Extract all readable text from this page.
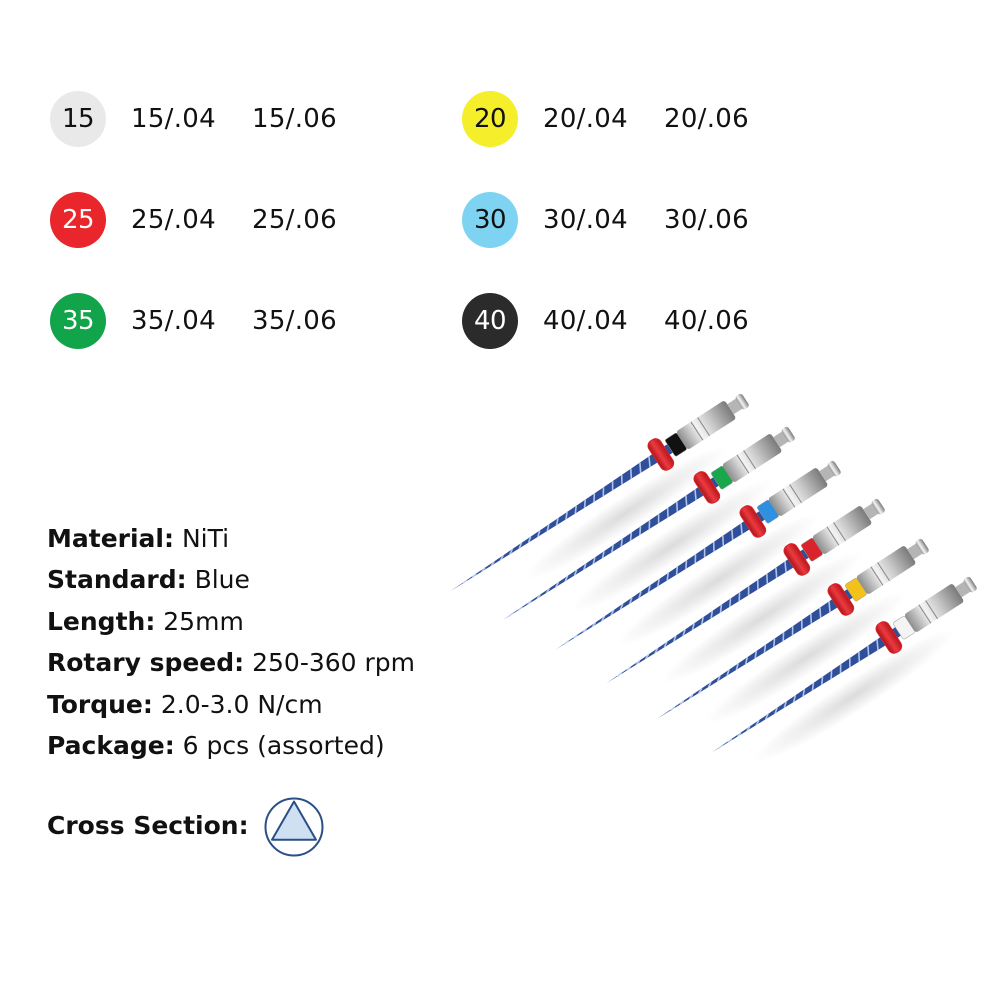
15	15/.04 15/.06	20	20/.04 20/.06
25	25/.04 25/.06	30	30/.04 30/.06
35	35/.04 35/.06	40	40/.04 40/.06
Material: NiTi
Standard: Blue
Length: 25mm
Rotary speed: 250-360 rpm
Torque: 2.0-3.0 N/cm
Package: 6 pcs (assorted)
Cross Section:
